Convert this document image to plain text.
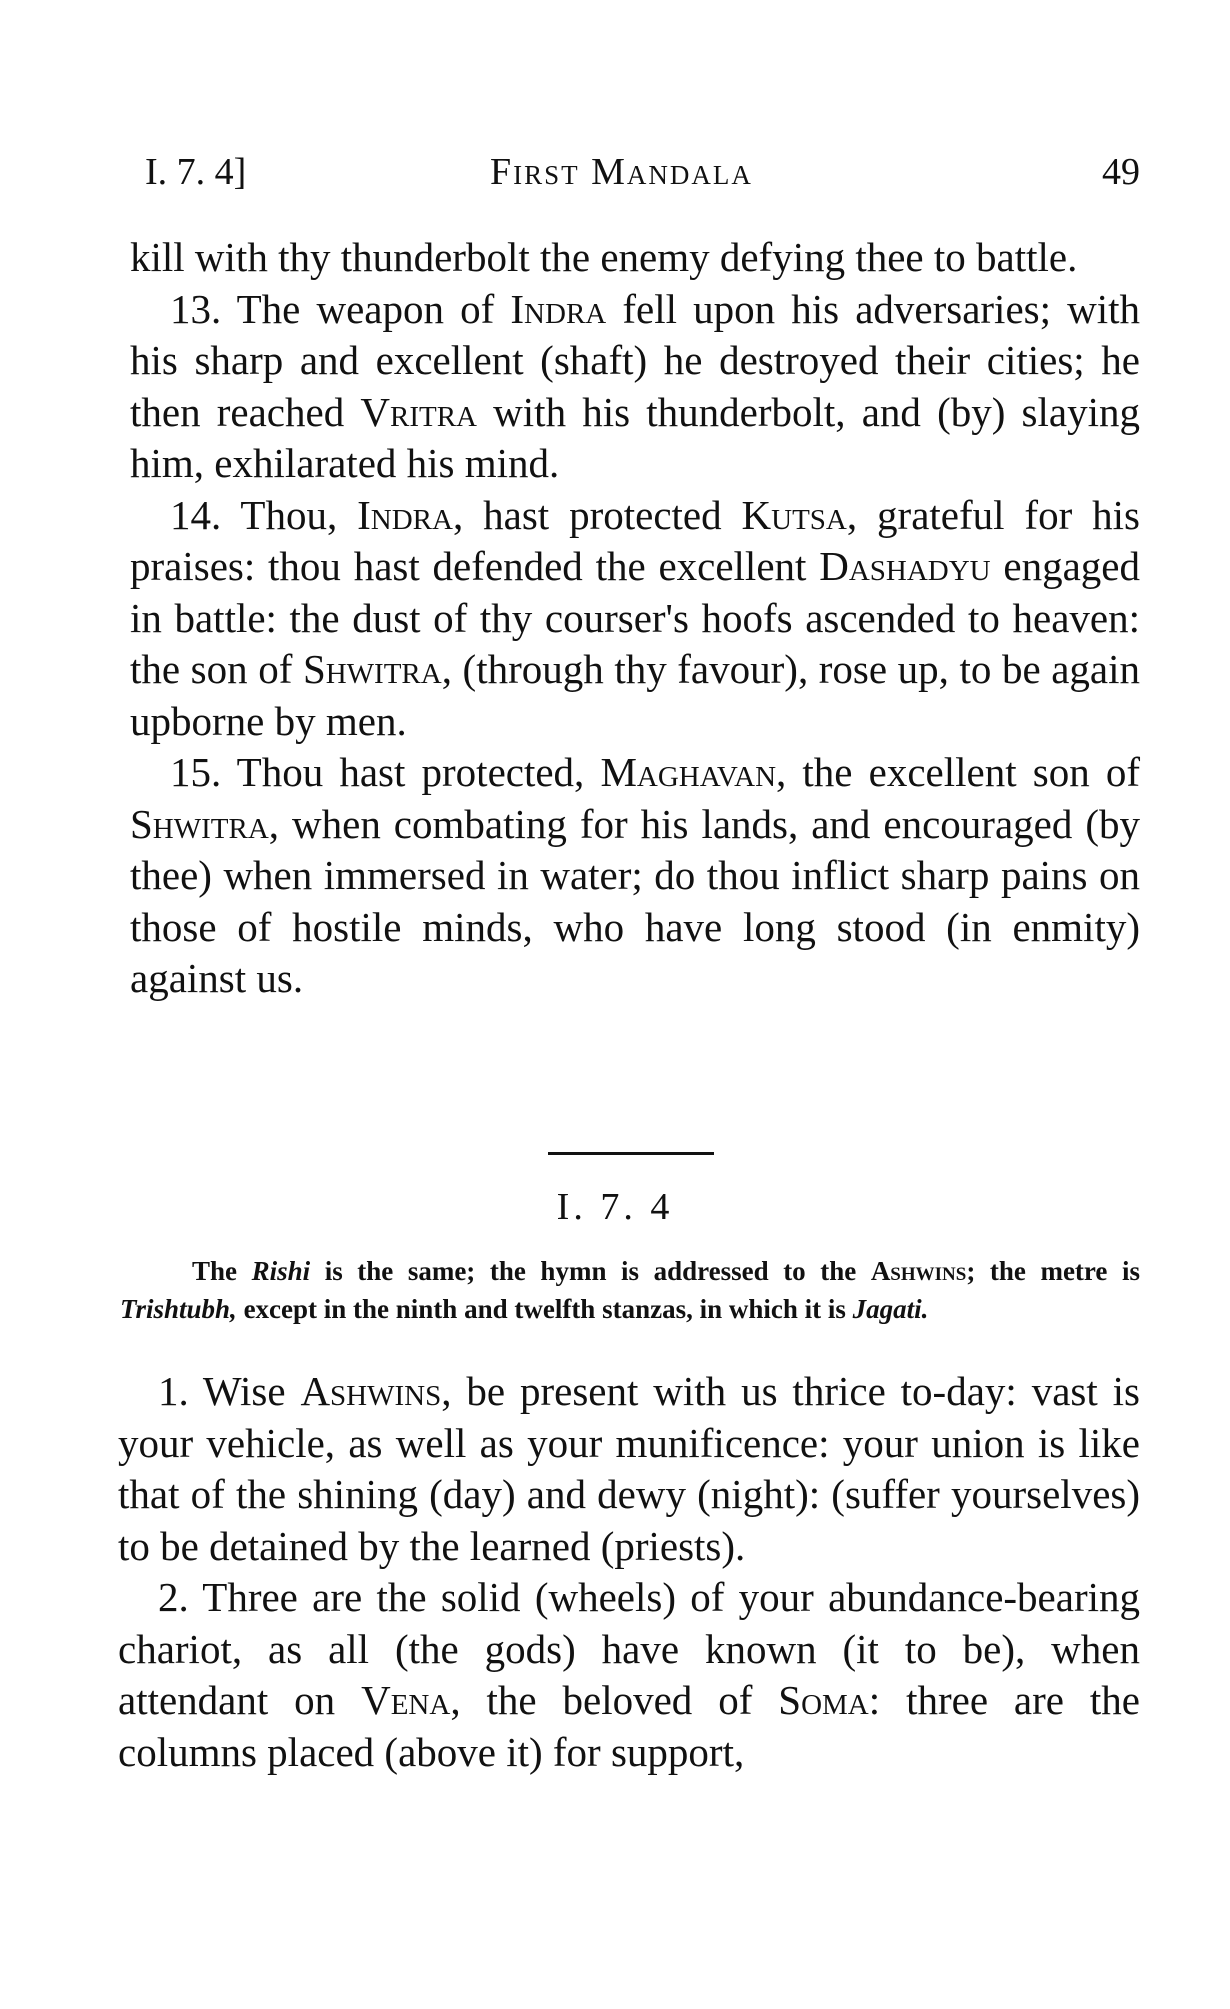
I. 7. 4]	First Mandala	49

kill with thy thunderbolt the enemy defying thee to battle.

13. The weapon of Indra fell upon his adversaries; with his sharp and excellent (shaft) he destroyed their cities; he then reached Vritra with his thunderbolt, and (by) slaying him, exhilarated his mind.

14. Thou, Indra, hast protected Kutsa, grateful for his praises: thou hast defended the excellent Dashadyu engaged in battle: the dust of thy courser's hoofs ascended to heaven: the son of Shwitra, (through thy favour), rose up, to be again upborne by men.

15. Thou hast protected, Maghavan, the excellent son of Shwitra, when combating for his lands, and encouraged (by thee) when immersed in water; do thou inflict sharp pains on those of hostile minds, who have long stood (in enmity) against us.

I. 7. 4

The Rishi is the same; the hymn is addressed to the Ashwins; the metre is Trishtubh, except in the ninth and twelfth stanzas, in which it is Jagati.

1. Wise Ashwins, be present with us thrice to-day: vast is your vehicle, as well as your munificence: your union is like that of the shining (day) and dewy (night): (suffer yourselves) to be detained by the learned (priests).

2. Three are the solid (wheels) of your abundance-bearing chariot, as all (the gods) have known (it to be), when attendant on Vena, the beloved of Soma: three are the columns placed (above it) for support,
